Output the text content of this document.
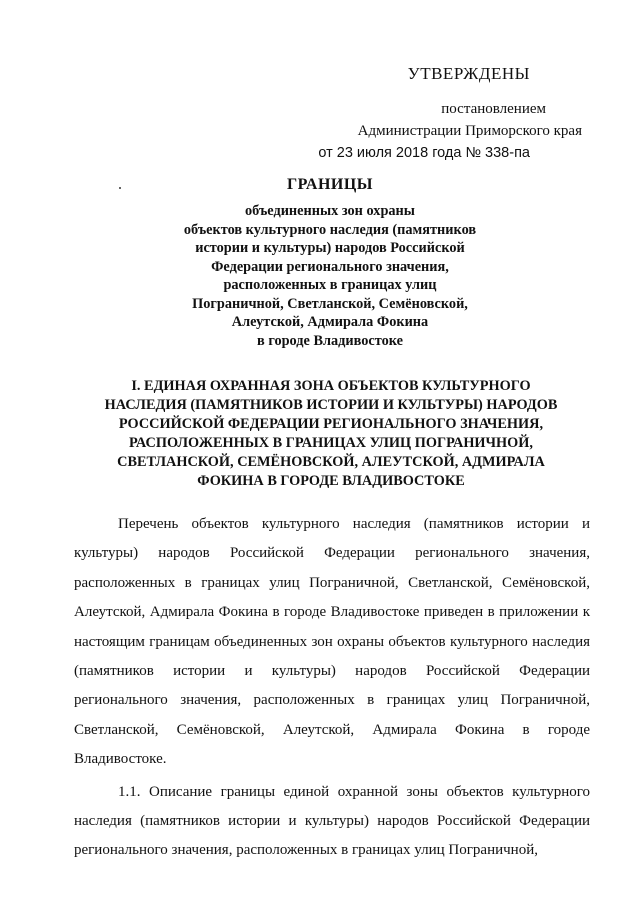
УТВЕРЖДЕНЫ
постановлением
Администрации Приморского края
от 23 июля 2018 года № 338-па
ГРАНИЦЫ
объединенных зон охраны
объектов культурного наследия (памятников
истории и культуры) народов Российской
Федерации регионального значения,
расположенных в границах улиц
Пограничной, Светланской, Семёновской,
Алеутской, Адмирала Фокина
в городе Владивостоке
I. ЕДИНАЯ ОХРАННАЯ ЗОНА ОБЪЕКТОВ КУЛЬТУРНОГО
НАСЛЕДИЯ (ПАМЯТНИКОВ ИСТОРИИ И КУЛЬТУРЫ) НАРОДОВ
РОССИЙСКОЙ ФЕДЕРАЦИИ РЕГИОНАЛЬНОГО ЗНАЧЕНИЯ,
РАСПОЛОЖЕННЫХ В ГРАНИЦАХ УЛИЦ ПОГРАНИЧНОЙ,
СВЕТЛАНСКОЙ, СЕМЁНОВСКОЙ, АЛЕУТСКОЙ, АДМИРАЛА
ФОКИНА В ГОРОДЕ ВЛАДИВОСТОКЕ

Перечень объектов культурного наследия (памятников истории и культуры) народов Российской Федерации регионального значения, расположенных в границах улиц Пограничной, Светланской, Семёновской, Алеутской, Адмирала Фокина в городе Владивостоке приведен в приложении к настоящим границам объединенных зон охраны объектов культурного наследия (памятников истории и культуры) народов Российской Федерации регионального значения, расположенных в границах улиц Пограничной, Светланской, Семёновской, Алеутской, Адмирала Фокина в городе Владивостоке.

1.1. Описание границы единой охранной зоны объектов культурного наследия (памятников истории и культуры) народов Российской Федерации регионального значения, расположенных в границах улиц Пограничной,
